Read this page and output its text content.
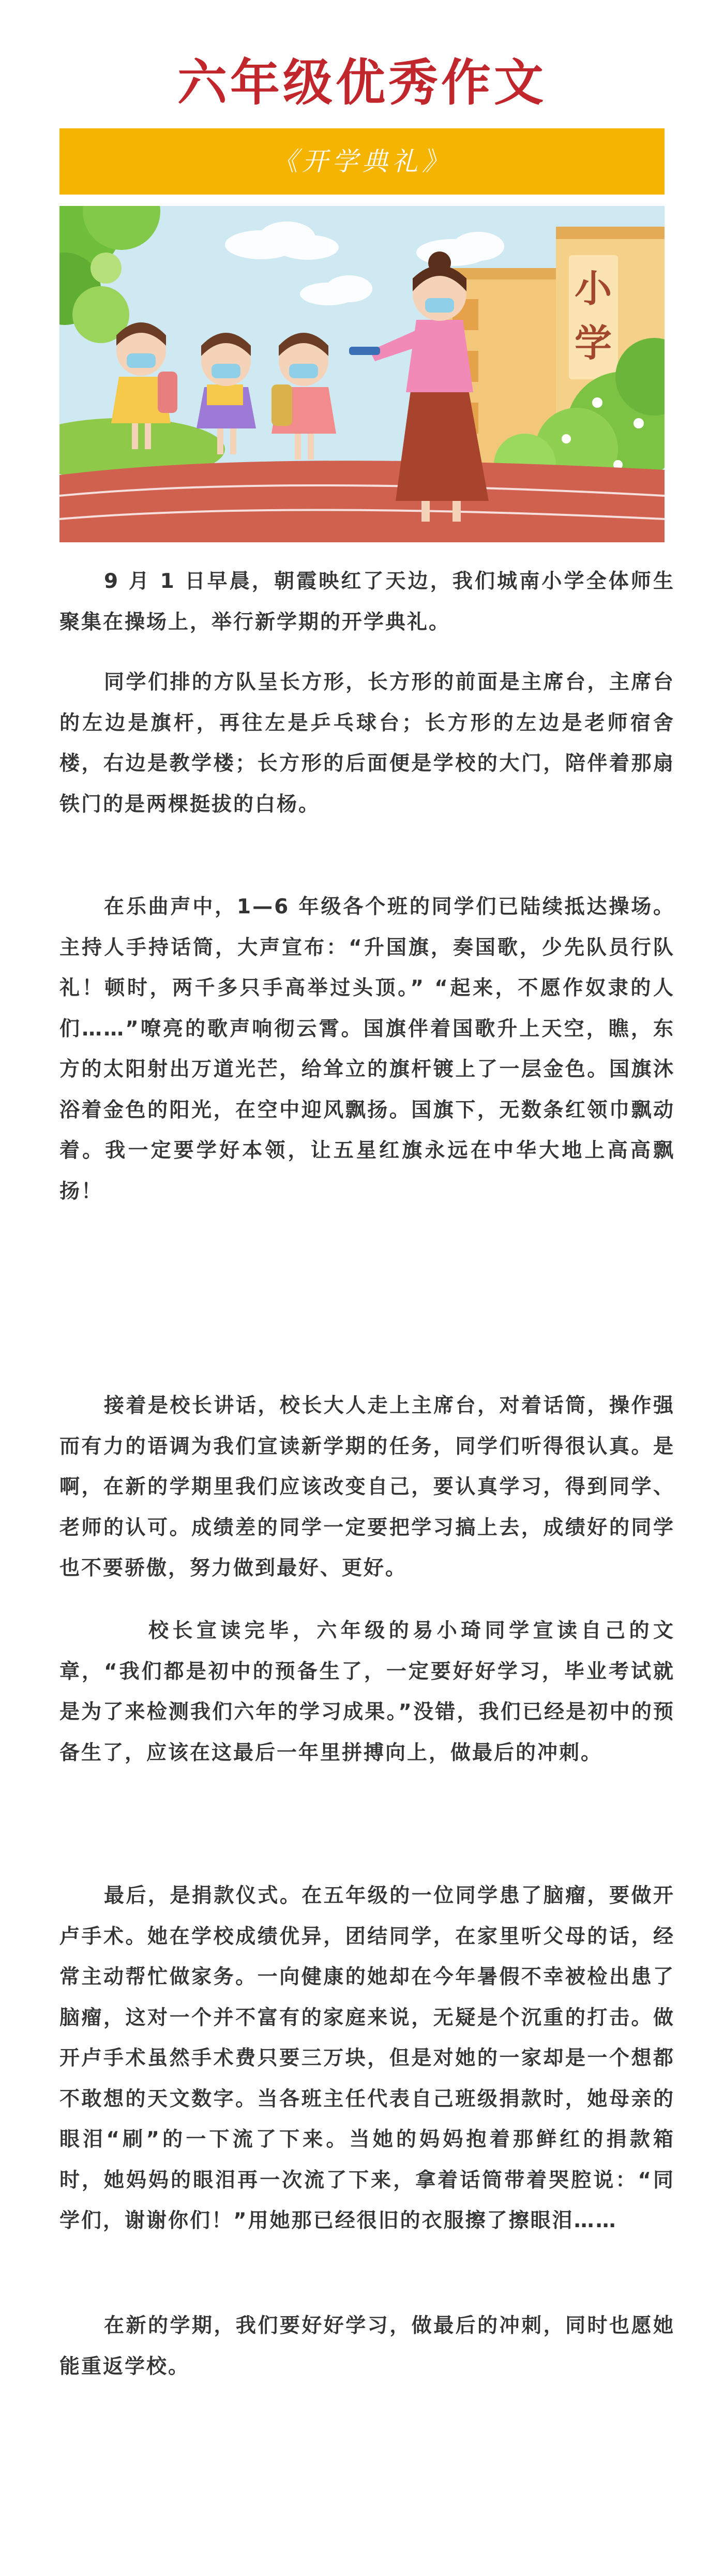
六年级优秀作文
《开学典礼》
小
学

9 月 1 日早晨，朝霞映红了天边，我们城南小学全体师生聚集在操场上，举行新学期的开学典礼。

同学们排的方队呈长方形，长方形的前面是主席台，主席台的左边是旗杆，再往左是乒乓球台；长方形的左边是老师宿舍楼，右边是教学楼；长方形的后面便是学校的大门，陪伴着那扇铁门的是两棵挺拔的白杨。

在乐曲声中，1—6 年级各个班的同学们已陆续抵达操场。主持人手持话筒，大声宣布：“升国旗，奏国歌，少先队员行队礼！顿时，两千多只手高举过头顶。” “起来，不愿作奴隶的人们……”嘹亮的歌声响彻云霄。国旗伴着国歌升上天空，瞧，东方的太阳射出万道光芒，给耸立的旗杆镀上了一层金色。国旗沐浴着金色的阳光，在空中迎风飘扬。国旗下，无数条红领巾飘动着。我一定要学好本领，让五星红旗永远在中华大地上高高飘扬！

接着是校长讲话，校长大人走上主席台，对着话筒，操作强而有力的语调为我们宣读新学期的任务，同学们听得很认真。是啊，在新的学期里我们应该改变自己，要认真学习，得到同学、老师的认可。成绩差的同学一定要把学习搞上去，成绩好的同学也不要骄傲，努力做到最好、更好。

校长宣读完毕，六年级的易小琦同学宣读自己的文章，“我们都是初中的预备生了，一定要好好学习，毕业考试就是为了来检测我们六年的学习成果。”没错，我们已经是初中的预备生了，应该在这最后一年里拼搏向上，做最后的冲刺。

最后，是捐款仪式。在五年级的一位同学患了脑瘤，要做开卢手术。她在学校成绩优异，团结同学，在家里听父母的话，经常主动帮忙做家务。一向健康的她却在今年暑假不幸被检出患了脑瘤，这对一个并不富有的家庭来说，无疑是个沉重的打击。做开卢手术虽然手术费只要三万块，但是对她的一家却是一个想都不敢想的天文数字。当各班主任代表自己班级捐款时，她母亲的眼泪“刷”的一下流了下来。当她的妈妈抱着那鲜红的捐款箱时，她妈妈的眼泪再一次流了下来，拿着话筒带着哭腔说：“同学们，谢谢你们！”用她那已经很旧的衣服擦了擦眼泪……

在新的学期，我们要好好学习，做最后的冲刺，同时也愿她能重返学校。
